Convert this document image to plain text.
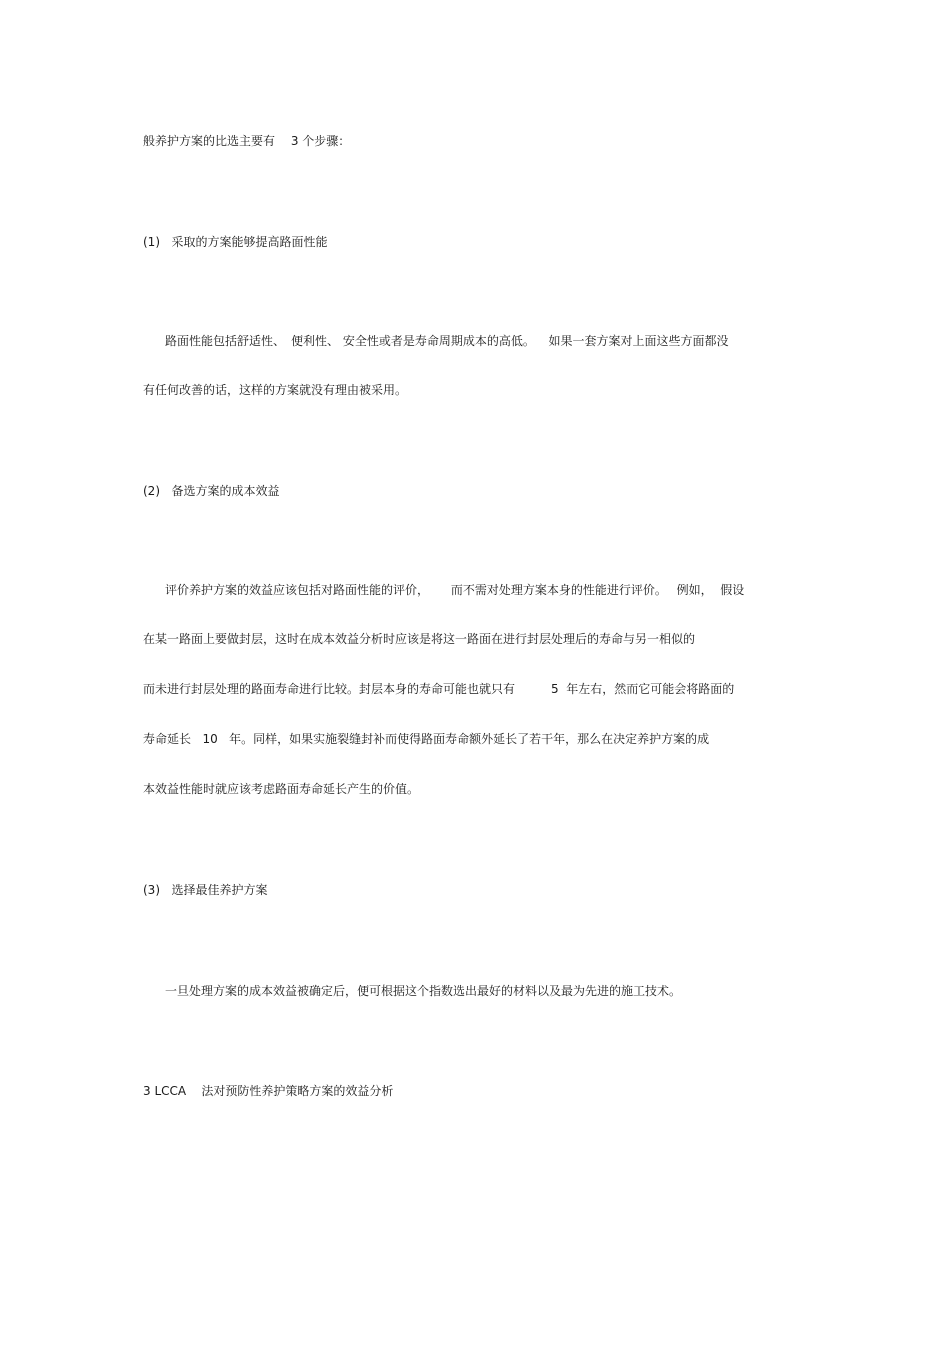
般养护方案的比选主要有　 3 个步骤：
(1)   采取的方案能够提高路面性能
路面性能包括舒适性、　便利性、 安全性或者是寿命周期成本的高低。　  如果一套方案对上面这些方面都没
有任何改善的话，这样的方案就没有理由被采用。
(2)   备选方案的成本效益
评价养护方案的效益应该包括对路面性能的评价，　　 而不需对处理方案本身的性能进行评价。　 例如，  假设
在某一路面上要做封层，这时在成本效益分析时应该是将这一路面在进行封层处理后的寿命与另一相似的
而未进行封层处理的路面寿命进行比较。封层本身的寿命可能也就只有　　　5  年左右，然而它可能会将路面的
寿命延长   10   年。同样，如果实施裂缝封补而使得路面寿命额外延长了若干年，那么在决定养护方案的成
本效益性能时就应该考虑路面寿命延长产生的价值。
(3)   选择最佳养护方案
一旦处理方案的成本效益被确定后，便可根据这个指数选出最好的材料以及最为先进的施工技术。
3 LCCA    法对预防性养护策略方案的效益分析
